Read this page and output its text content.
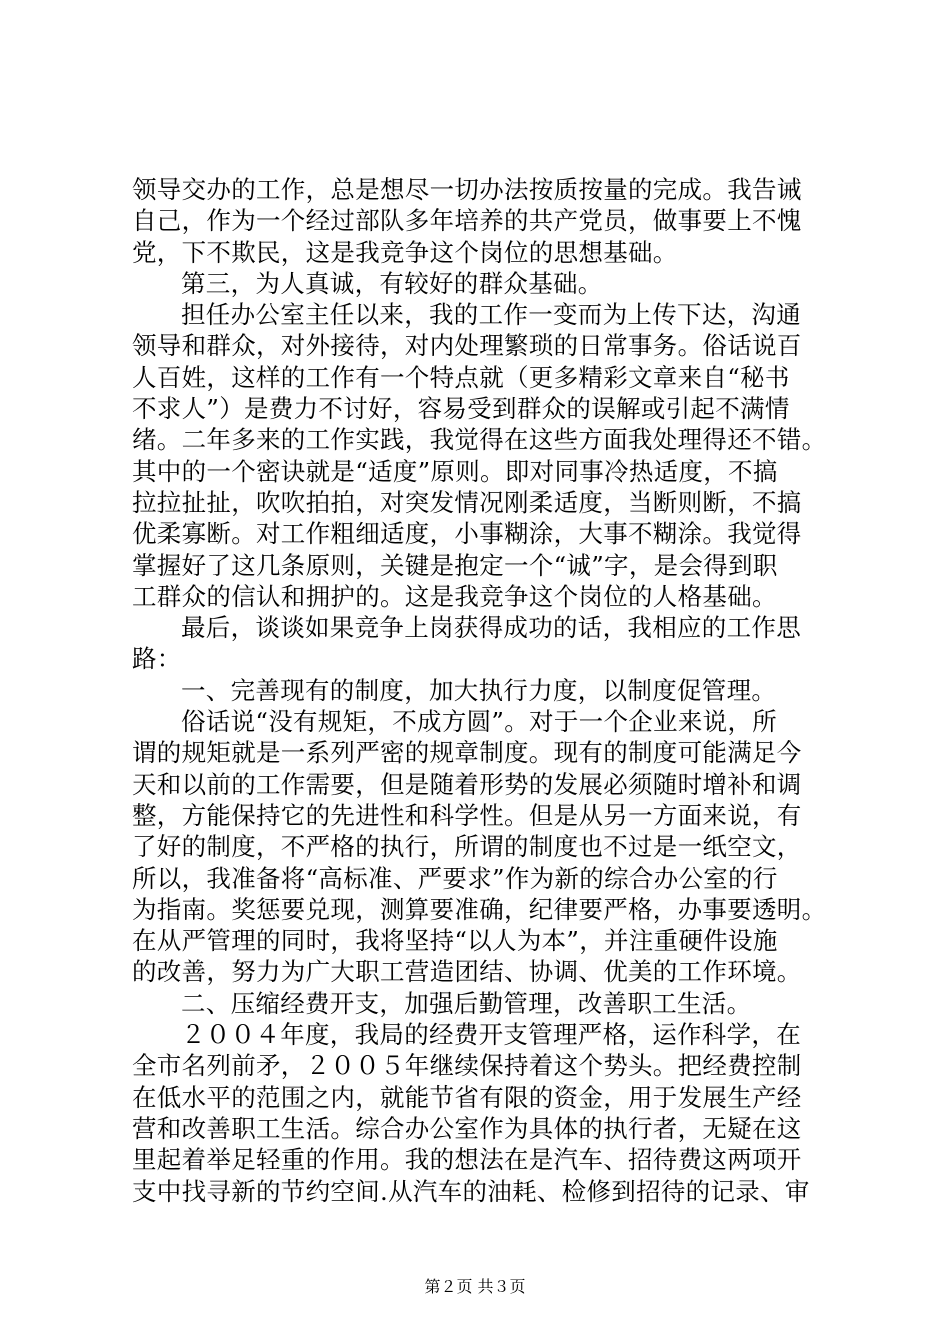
领导交办的工作，总是想尽一切办法按质按量的完成。我告诫
自己，作为一个经过部队多年培养的共产党员，做事要上不愧
党，下不欺民，这是我竞争这个岗位的思想基础。
第三，为人真诚，有较好的群众基础。
担任办公室主任以来，我的工作一变而为上传下达，沟通
领导和群众，对外接待，对内处理繁琐的日常事务。俗话说百
人百姓，这样的工作有一个特点就（更多精彩文章来自“秘书
不求人”）是费力不讨好，容易受到群众的误解或引起不满情
绪。二年多来的工作实践，我觉得在这些方面我处理得还不错。
其中的一个密诀就是“适度”原则。即对同事冷热适度，不搞
拉拉扯扯，吹吹拍拍，对突发情况刚柔适度，当断则断，不搞
优柔寡断。对工作粗细适度，小事糊涂，大事不糊涂。我觉得
掌握好了这几条原则，关键是抱定一个“诚”字，是会得到职
工群众的信认和拥护的。这是我竞争这个岗位的人格基础。
最后，谈谈如果竞争上岗获得成功的话，我相应的工作思
路：
一、完善现有的制度，加大执行力度，以制度促管理。
俗话说“没有规矩，不成方圆”。对于一个企业来说，所
谓的规矩就是一系列严密的规章制度。现有的制度可能满足今
天和以前的工作需要，但是随着形势的发展必须随时增补和调
整，方能保持它的先进性和科学性。但是从另一方面来说，有
了好的制度，不严格的执行，所谓的制度也不过是一纸空文，
所以，我准备将“高标准、严要求”作为新的综合办公室的行
为指南。奖惩要兑现，测算要准确，纪律要严格，办事要透明。
在从严管理的同时，我将坚持“以人为本”，并注重硬件设施
的改善，努力为广大职工营造团结、协调、优美的工作环境。
二、压缩经费开支，加强后勤管理，改善职工生活。
２００４年度，我局的经费开支管理严格，运作科学，在
全市名列前矛，２００５年继续保持着这个势头。把经费控制
在低水平的范围之内，就能节省有限的资金，用于发展生产经
营和改善职工生活。综合办公室作为具体的执行者，无疑在这
里起着举足轻重的作用。我的想法在是汽车、招待费这两项开
支中找寻新的节约空间.从汽车的油耗、检修到招待的记录、审
第２页 共３页
